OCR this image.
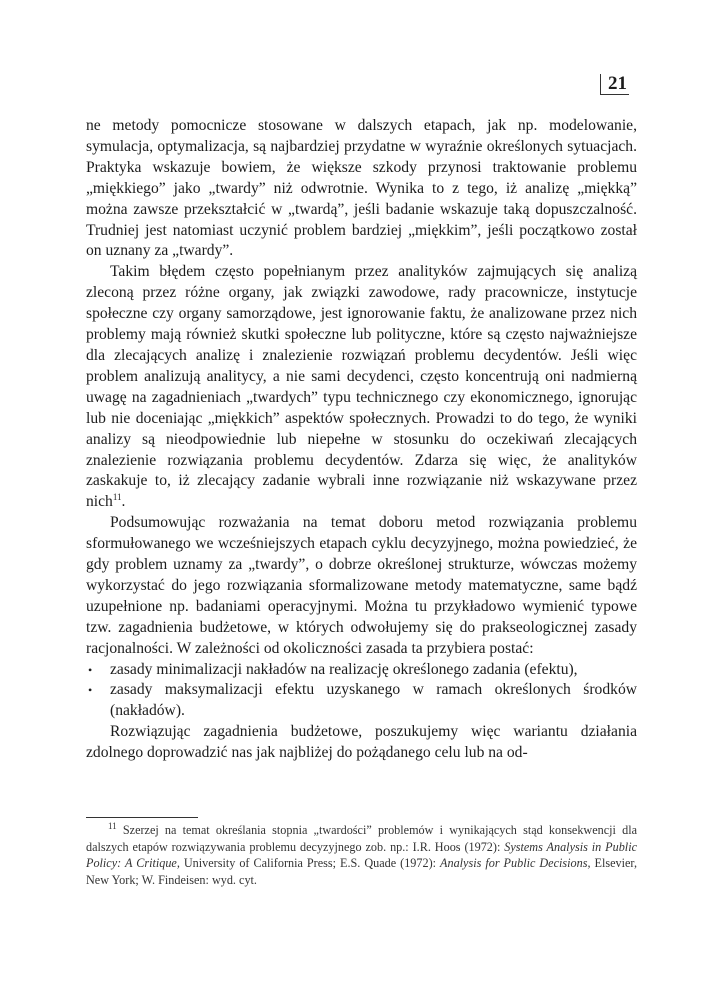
21

ne metody pomocnicze stosowane w dalszych etapach, jak np. modelowanie, symulacja, optymalizacja, są najbardziej przydatne w wyraźnie określonych sytuacjach. Praktyka wskazuje bowiem, że większe szkody przynosi traktowanie problemu „miękkiego” jako „twardy” niż odwrotnie. Wynika to z tego, iż analizę „miękką” można zawsze przekształcić w „twardą”, jeśli badanie wskazuje taką dopuszczalność. Trudniej jest natomiast uczynić problem bardziej „miękkim”, jeśli początkowo został on uznany za „twardy”.

Takim błędem często popełnianym przez analityków zajmujących się analizą zleconą przez różne organy, jak związki zawodowe, rady pracownicze, instytucje społeczne czy organy samorządowe, jest ignorowanie faktu, że analizowane przez nich problemy mają również skutki społeczne lub polityczne, które są często najważniejsze dla zlecających analizę i znalezienie rozwiązań problemu decydentów. Jeśli więc problem analizują analitycy, a nie sami decydenci, często koncentrują oni nadmierną uwagę na zagadnieniach „twardych” typu technicznego czy ekonomicznego, ignorując lub nie doceniając „miękkich” aspektów społecznych. Prowadzi to do tego, że wyniki analizy są nieodpowiednie lub niepełne w stosunku do oczekiwań zlecających znalezienie rozwiązania problemu decydentów. Zdarza się więc, że analityków zaskakuje to, iż zlecający zadanie wybrali inne rozwiązanie niż wskazywane przez nich$^{11}$.

Podsumowując rozważania na temat doboru metod rozwiązania problemu sformułowanego we wcześniejszych etapach cyklu decyzyjnego, można powiedzieć, że gdy problem uznamy za „twardy”, o dobrze określonej strukturze, wówczas możemy wykorzystać do jego rozwiązania sformalizowane metody matematyczne, same bądź uzupełnione np. badaniami operacyjnymi. Można tu przykładowo wymienić typowe tzw. zagadnienia budżetowe, w których odwołujemy się do prakseologicznej zasady racjonalności. W zależności od okoliczności zasada ta przybiera postać:

• zasady minimalizacji nakładów na realizację określonego zadania (efektu),
• zasady maksymalizacji efektu uzyskanego w ramach określonych środków (nakładów).

Rozwiązując zagadnienia budżetowe, poszukujemy więc wariantu działania zdolnego doprowadzić nas jak najbliżej do pożądanego celu lub na od-

$^{11}$ Szerzej na temat określania stopnia „twardości” problemów i wynikających stąd konsekwencji dla dalszych etapów rozwiązywania problemu decyzyjnego zob. np.: I.R. Hoos (1972): Systems Analysis in Public Policy: A Critique, University of California Press; E.S. Quade (1972): Analysis for Public Decisions, Elsevier, New York; W. Findeisen: wyd. cyt.
